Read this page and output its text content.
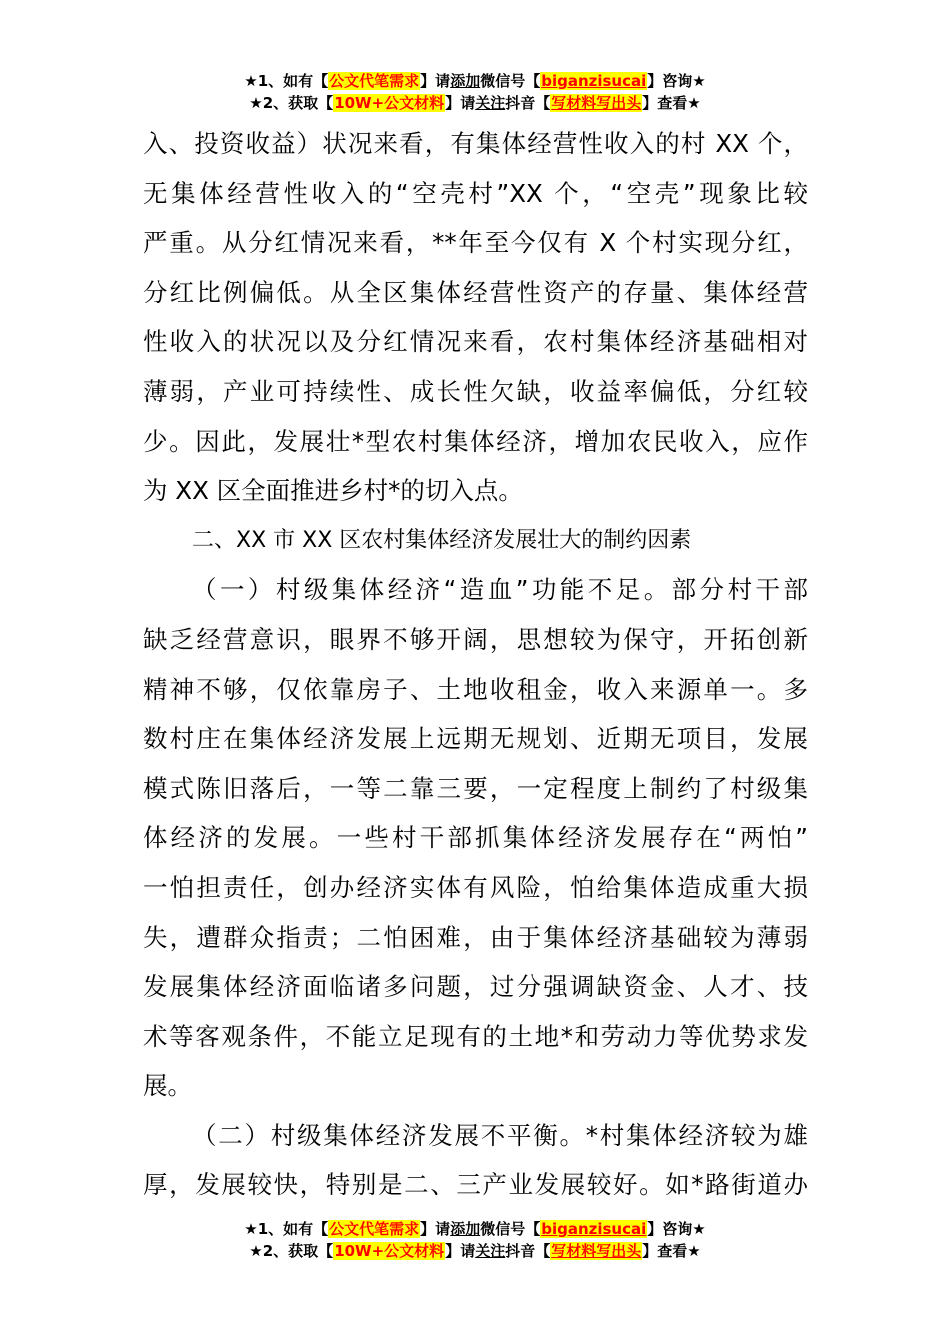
★1、如有【公文代笔需求】请添加微信号【biganzisucai】咨询★
★2、获取【10W+公文材料】请关注抖音【写材料写出头】查看★
入、投资收益）状况来看，有集体经营性收入的村 XX 个，
无集体经营性收入的“空壳村”XX 个，“空壳”现象比较
严重。从分红情况来看，**年至今仅有 X 个村实现分红，
分红比例偏低。从全区集体经营性资产的存量、集体经营
性收入的状况以及分红情况来看，农村集体经济基础相对
薄弱，产业可持续性、成长性欠缺，收益率偏低，分红较
少。因此，发展壮*型农村集体经济，增加农民收入，应作
为 XX 区全面推进乡村*的切入点。
二、XX 市 XX 区农村集体经济发展壮大的制约因素
（一）村级集体经济“造血”功能不足。部分村干部
缺乏经营意识，眼界不够开阔，思想较为保守，开拓创新
精神不够，仅依靠房子、土地收租金，收入来源单一。多
数村庄在集体经济发展上远期无规划、近期无项目，发展
模式陈旧落后，一等二靠三要，一定程度上制约了村级集
体经济的发展。一些村干部抓集体经济发展存在“两怕”
一怕担责任，创办经济实体有风险，怕给集体造成重大损
失，遭群众指责；二怕困难，由于集体经济基础较为薄弱
发展集体经济面临诸多问题，过分强调缺资金、人才、技
术等客观条件，不能立足现有的土地*和劳动力等优势求发
展。
（二）村级集体经济发展不平衡。*村集体经济较为雄
厚，发展较快，特别是二、三产业发展较好。如*路街道办
★1、如有【公文代笔需求】请添加微信号【biganzisucai】咨询★
★2、获取【10W+公文材料】请关注抖音【写材料写出头】查看★
